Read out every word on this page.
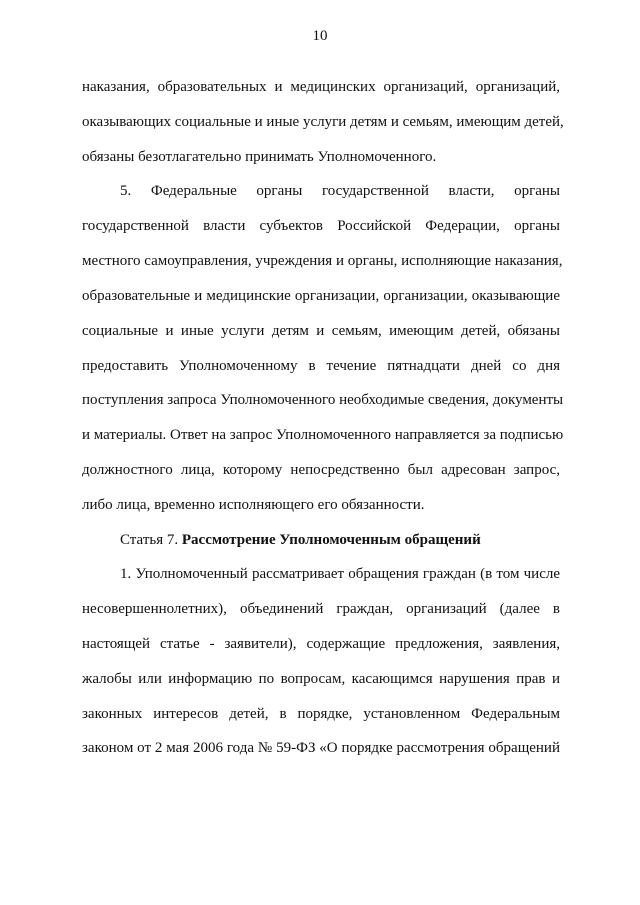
10
наказания, образовательных и медицинских организаций, организаций,
оказывающих социальные и иные услуги детям и семьям, имеющим детей,
обязаны безотлагательно принимать Уполномоченного.
5. Федеральные органы государственной власти, органы
государственной власти субъектов Российской Федерации, органы
местного самоуправления, учреждения и органы, исполняющие наказания,
образовательные и медицинские организации, организации, оказывающие
социальные и иные услуги детям и семьям, имеющим детей, обязаны
предоставить Уполномоченному в течение пятнадцати дней со дня
поступления запроса Уполномоченного необходимые сведения, документы
и материалы. Ответ на запрос Уполномоченного направляется за подписью
должностного лица, которому непосредственно был адресован запрос,
либо лица, временно исполняющего его обязанности.
Статья 7. Рассмотрение Уполномоченным обращений
1. Уполномоченный рассматривает обращения граждан (в том числе
несовершеннолетних), объединений граждан, организаций (далее в
настоящей статье - заявители), содержащие предложения, заявления,
жалобы или информацию по вопросам, касающимся нарушения прав и
законных интересов детей, в порядке, установленном Федеральным
законом от 2 мая 2006 года № 59-ФЗ «О порядке рассмотрения обращений
